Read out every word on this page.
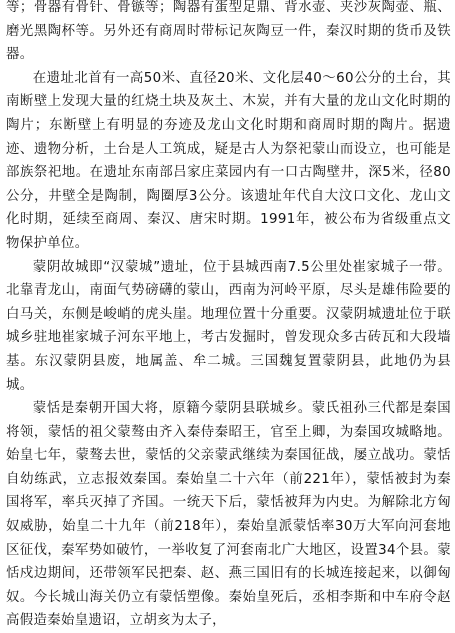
等；骨器有骨针、骨镞等；陶器有蛋型足鼎、背水壶、夹沙灰陶壶、瓶、磨光黑陶杯等。另外还有商周时带标记灰陶豆一件，秦汉时期的货币及铁器。

在遗址北首有一高50米、直径20米、文化层40～60公分的土台，其南断壁上发现大量的红烧土块及灰土、木炭，并有大量的龙山文化时期的陶片；东断壁上有明显的夯迹及龙山文化时期和商周时期的陶片。据遗迹、遗物分析，土台是人工筑成，疑是古人为祭祀蒙山而设立，也可能是部族祭祀地。在遗址东南部吕家庄菜园内有一口古陶壁井，深5米，径80公分，井壁全是陶制，陶圈厚3公分。该遗址年代自大汶口文化、龙山文化时期，延续至商周、秦汉、唐宋时期。1991年，被公布为省级重点文物保护单位。

蒙阴故城即“汉蒙城”遗址，位于县城西南7.5公里处崔家城子一带。北靠青龙山，南面气势磅礴的蒙山，西南为河岭平原，尽头是雄伟险要的白马关，东侧是峻峭的虎头崖。地理位置十分重要。汉蒙阴城遗址位于联城乡驻地崔家城子河东平地上，考古发掘时，曾发现众多古砖瓦和大段墙基。东汉蒙阴县废，地属盖、牟二城。三国魏复置蒙阴县，此地仍为县城。

蒙恬是秦朝开国大将，原籍今蒙阴县联城乡。蒙氏祖孙三代都是秦国将领，蒙恬的祖父蒙骜由齐入秦侍秦昭王，官至上卿，为秦国攻城略地。始皇七年，蒙骜去世，蒙恬的父亲蒙武继续为秦国征战，屡立战功。蒙恬自幼练武，立志报效秦国。秦始皇二十六年（前221年），蒙恬被封为秦国将军，率兵灭掉了齐国。一统天下后，蒙恬被拜为内史。为解除北方匈奴威胁，始皇二十九年（前218年），秦始皇派蒙恬率30万大军向河套地区征伐，秦军势如破竹，一举收复了河套南北广大地区，设置34个县。蒙恬戍边期间，还带领军民把秦、赵、燕三国旧有的长城连接起来，以御匈奴。今长城山海关仍立有蒙恬塑像。秦始皇死后，丞相李斯和中车府令赵高假造秦始皇遗诏，立胡亥为太子，
